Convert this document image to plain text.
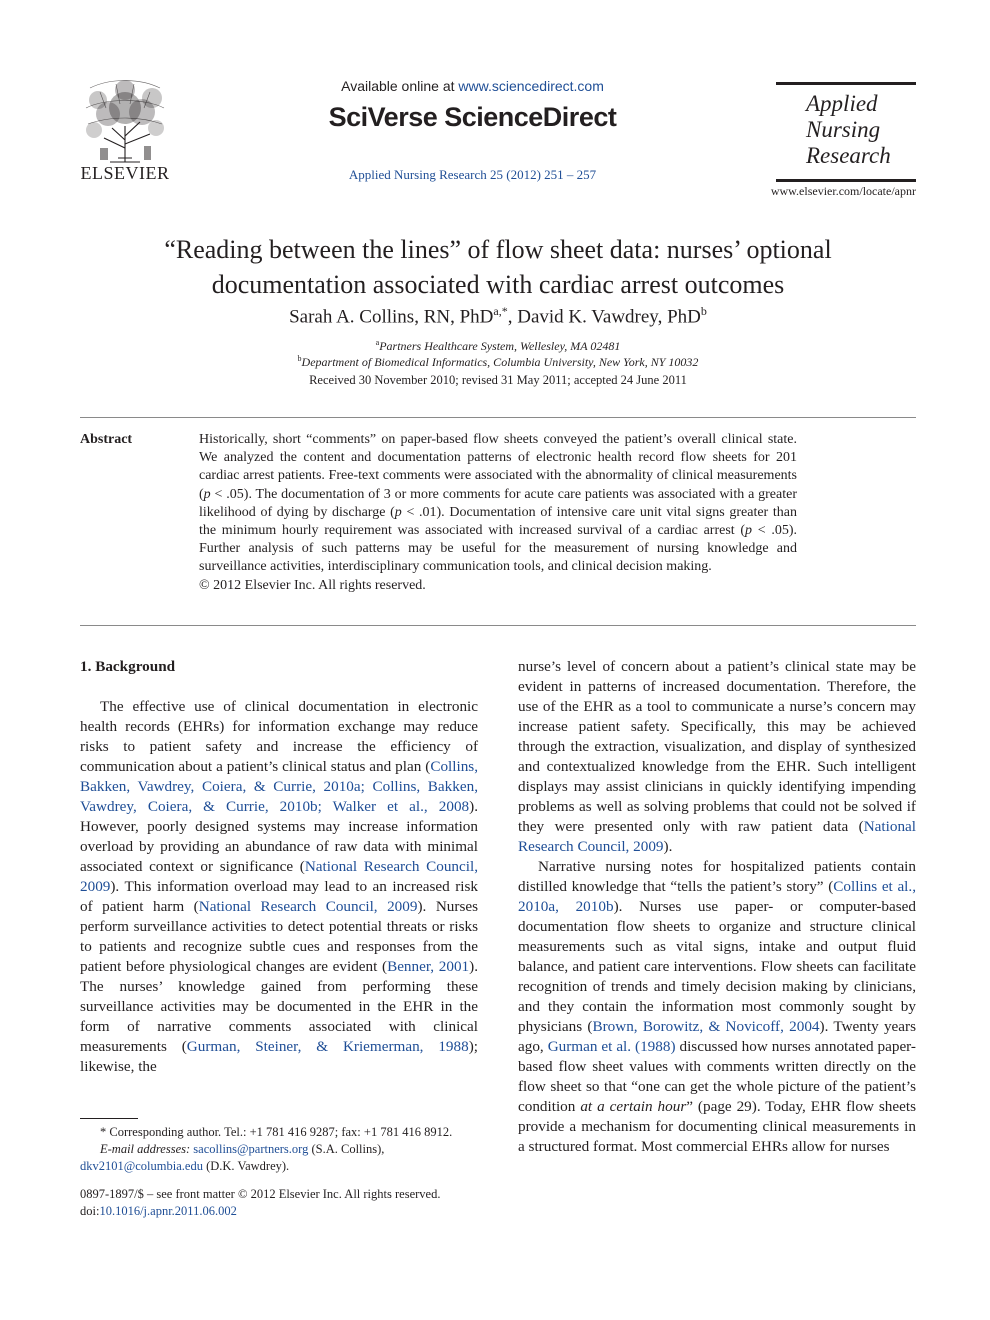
ELSEVIER
Available online at www.sciencedirect.com
SciVerse ScienceDirect
Applied Nursing Research 25 (2012) 251 – 257
Applied
Nursing
Research
www.elsevier.com/locate/apnr
“Reading between the lines” of flow sheet data: nurses’ optional
documentation associated with cardiac arrest outcomes
Sarah A. Collins, RN, PhD$^{a,*}$, David K. Vawdrey, PhD$^b$
$^a$Partners Healthcare System, Wellesley, MA 02481
$^b$Department of Biomedical Informatics, Columbia University, New York, NY 10032
Received 30 November 2010; revised 31 May 2011; accepted 24 June 2011
Abstract	Historically, short “comments” on paper-based flow sheets conveyed the patient’s overall clinical state. We analyzed the content and documentation patterns of electronic health record flow sheets for 201 cardiac arrest patients. Free-text comments were associated with the abnormality of clinical measurements (p < .05). The documentation of 3 or more comments for acute care patients was associated with a greater likelihood of dying by discharge (p < .01). Documentation of intensive care unit vital signs greater than the minimum hourly requirement was associated with increased survival of a cardiac arrest (p < .05). Further analysis of such patterns may be useful for the measurement of nursing knowledge and surveillance activities, interdisciplinary communication tools, and clinical decision making.
© 2012 Elsevier Inc. All rights reserved.
1. Background

The effective use of clinical documentation in electronic health records (EHRs) for information exchange may reduce risks to patient safety and increase the efficiency of communication about a patient’s clinical status and plan (Collins, Bakken, Vawdrey, Coiera, & Currie, 2010a; Collins, Bakken, Vawdrey, Coiera, & Currie, 2010b; Walker et al., 2008). However, poorly designed systems may increase information overload by providing an abundance of raw data with minimal associated context or significance (National Research Council, 2009). This information overload may lead to an increased risk of patient harm (National Research Council, 2009). Nurses perform surveillance activities to detect potential threats or risks to patients and recognize subtle cues and responses from the patient before physiological changes are evident (Benner, 2001). The nurses’ knowledge gained from performing these surveillance activities may be documented in the EHR in the form of narrative comments associated with clinical measurements (Gurman, Steiner, & Kriemerman, 1988); likewise, the

nurse’s level of concern about a patient’s clinical state may be evident in patterns of increased documentation. Therefore, the use of the EHR as a tool to communicate a nurse’s concern may increase patient safety. Specifically, this may be achieved through the extraction, visualization, and display of synthesized and contextualized knowledge from the EHR. Such intelligent displays may assist clinicians in quickly identifying impending problems as well as solving problems that could not be solved if they were presented only with raw patient data (National Research Council, 2009).

Narrative nursing notes for hospitalized patients contain distilled knowledge that “tells the patient’s story” (Collins et al., 2010a, 2010b). Nurses use paper- or computer-based documentation flow sheets to organize and structure clinical measurements such as vital signs, intake and output fluid balance, and patient care interventions. Flow sheets can facilitate recognition of trends and timely decision making by clinicians, and they contain the information most commonly sought by physicians (Brown, Borowitz, & Novicoff, 2004). Twenty years ago, Gurman et al. (1988) discussed how nurses annotated paper-based flow sheet values with comments written directly on the flow sheet so that “one can get the whole picture of the patient’s condition at a certain hour” (page 29). Today, EHR flow sheets provide a mechanism for documenting clinical measurements in a structured format. Most commercial EHRs allow for nurses

* Corresponding author. Tel.: +1 781 416 9287; fax: +1 781 416 8912.

E-mail addresses: sacollins@partners.org (S.A. Collins),
dkv2101@columbia.edu (D.K. Vawdrey).

0897-1897/$ – see front matter © 2012 Elsevier Inc. All rights reserved.

doi:10.1016/j.apnr.2011.06.002
